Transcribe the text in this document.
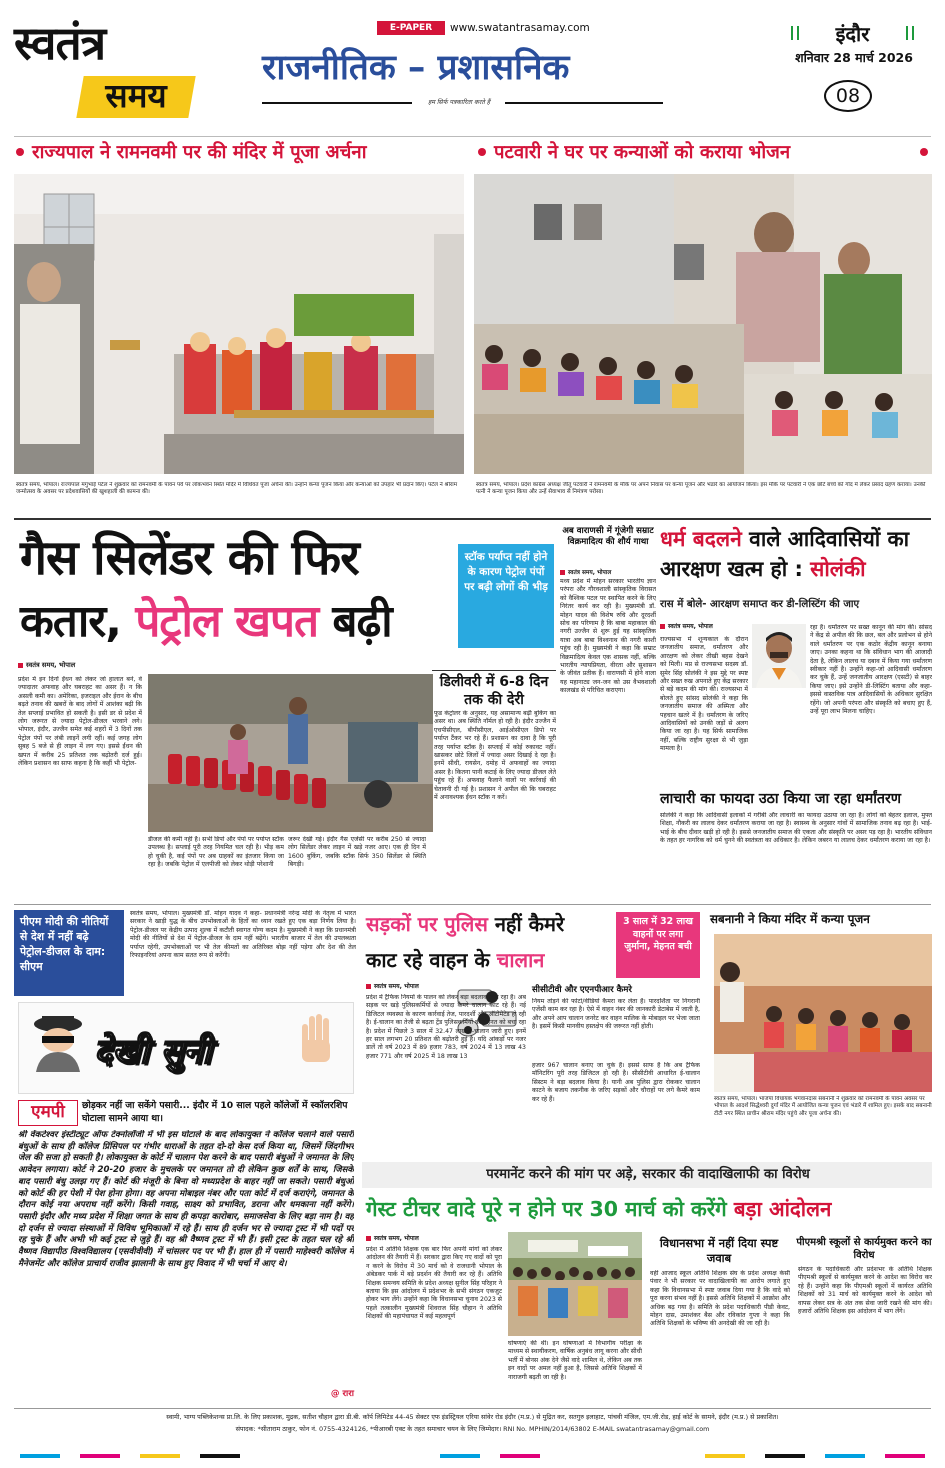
स्वतंत्र
समय
E-PAPER	www.swatantrasamay.com
राजनीतिक – प्रशासनिक
हम सिर्फ पत्रकारिता करते हैं
इंदौर
शनिवार 28 मार्च 2026
08
राज्यपाल ने रामनवमी पर की मंदिर में पूजा अर्चना
स्वतंत्र समय, भोपाल। राज्यपाल मंगुभाई पटेल ने शुक्रवार को रामनवमी के पावन पर्व पर लोकभवन स्थित मंदिर में विधिवत पूजा अर्चना की। उन्होंने कन्या पूजन किया और कन्याओं को उपहार भी प्रदान किए। पटेल ने श्रीराम जन्मोत्सव के अवसर पर प्रदेशवासियों की खुशहाली की कामना की।
पटवारी ने घर पर कन्याओं को कराया भोजन
स्वतंत्र समय, भोपाल। प्रदेश कांग्रेस अध्यक्ष जीतू पटवारी ने रामनवमी के मौके पर अपने निवास पर कन्या पूजन और भंडारे का आयोजन किया। इस मौके पर पटवारी ने एक छोटे बच्चे को गोद में लेकर प्रसाद ग्रहण कराया। उनकी पत्नी ने कन्या पूजन किया और उन्हें सेवाभाव से निमंत्रण परोसा।
गैस सिलेंडर की फिर
कतार, पेट्रोल खपत बढ़ी
स्टॉक पर्याप्त नहीं होने के कारण पेट्रोल पंपों पर बढ़ी लोगों की भीड़
स्वतंत्र समय, भोपाल
प्रदेश में इन दिनों ईंधन को लेकर जो हालात बने, वे ज्यादातर अफवाह और घबराहट का असर हैं। न कि असली कमी का। अमेरिका, इजराइल और ईरान के बीच बढ़ते तनाव की खबरों के बाद लोगों में आशंका बढ़ी कि तेल सप्लाई प्रभावित हो सकती है। इसी डर से प्रदेश में लोग जरूरत से ज्यादा पेट्रोल-डीजल भरवाने लगे। भोपाल, इंदौर, उज्जैन समेत कई शहरों में 3 दिनों तक पेट्रोल पंपों पर लंबी लाइनें लगी रहीं। कई जगह लोग सुबह 5 बजे से ही लाइन में लग गए। इससे ईंधन की खपत में करीब 25 प्रतिशत तक बढ़ोतरी दर्ज हुई। लेकिन प्रशासन का साफ कहना है कि कहीं भी पेट्रोल-
डीजल की कमी नहीं है। सभी डिपो और पंपों पर पर्याप्त स्टॉक उपलब्ध है। सप्लाई पूरी तरह नियमित चल रही है। भीड़ कम हो चुकी है, कई पंपों पर अब ग्राहकों का इंतजार किया जा रहा है। जबकि पेट्रोल में एलपीजी को लेकर थोड़ी परेशानी
जरूर देखी गई। इंदौर गैस एजेंसी पर करीब 250 से ज्यादा लोग सिलेंडर लेकर लाइन में खड़े नजर आए। एक ही दिन में 1600 बुकिंग, जबकि स्टॉक सिर्फ 350 सिलेंडर से स्थिति बिगड़ी।
डिलीवरी में 6-8 दिन तक की देरी
फूड कंट्रोलर के अनुसार, यह असामान्य बढ़ी बुकिंग का असर था। अब स्थिति नॉर्मल हो रही है। इंदौर उज्जैन में एचपीसीएल, बीपीसीएल, आईओसीएल डिपो पर पर्याप्त टैंकर भर रहे हैं। प्रशासन का दावा है कि पूरी तरह पर्याप्त स्टॉक है। सप्लाई में कोई रुकावट नहीं। खासकर छोटे जिलों में ज्यादा असर दिखाई दे रहा है। इनमें सीधी, रायसेन, दमोह में अफवाहों का ज्यादा असर है। कितना पानी कटाई के लिए ज्यादा डीजल लेते पहुंच रहे हैं। अफवाह फैलाने वालों पर कार्रवाई की चेतावनी दी गई है। प्रशासन ने अपील की कि घबराहट में अनावश्यक ईंधन स्टॉक न करें।
अब वाराणसी में गूंजेगी सम्राट विक्रमादित्य की शौर्य गाथा
स्वतंत्र समय, भोपाल
मध्य प्रदेश में मोहन सरकार भारतीय ज्ञान परंपरा और गौरवशाली सांस्कृतिक विरासत को वैश्विक पटल पर स्थापित करने के लिए निरंतर कार्य कर रही है। मुख्यमंत्री डॉ. मोहन यादव की विशेष रुचि और दूरदर्शी सोच का परिणाम है कि बाबा महाकाल की नगरी उज्जैन से शुरू हुई यह सांस्कृतिक यात्रा अब बाबा विश्वनाथ की नगरी काशी पहुंच रही है। मुख्यमंत्री ने कहा कि सम्राट विक्रमादित्य केवल एक शासक नहीं, बल्कि भारतीय न्यायप्रियता, वीरता और सुशासन के जीवंत प्रतीक हैं। वाराणसी में होने वाला यह महानाट्य जन-जन को उस वैभवशाली कालखंड से परिचित कराएगा।
धर्म बदलने वाले आदिवासियों का आरक्षण खत्म हो : सोलंकी
रास में बोले- आरक्षण समाप्त कर डी-लिस्टिंग की जाए
स्वतंत्र समय, भोपाल
राज्यसभा में शून्यकाल के दौरान जनजातीय समाज, धर्मांतरण और आरक्षण को लेकर तीखी बहस देखने को मिली। मप्र से राज्यसभा सदस्य डॉ. सुमेर सिंह सोलंकी ने इस मुद्दे पर स्पष्ट और सख्त रुख अपनाते हुए केंद्र सरकार से बड़े कदम की मांग की। राज्यसभा में बोलते हुए सांसद सोलंकी ने कहा कि जनजातीय समाज की अस्मिता और पहचान खतरे में है। धर्मांतरण के जरिए आदिवासियों को उनकी जड़ों से अलग किया जा रहा है। यह सिर्फ सामाजिक नहीं, बल्कि राष्ट्रीय सुरक्षा से भी जुड़ा मामला है।
रहा है। धर्मांतरण पर सख्त कानून की मांग की। सांसद ने केंद्र से अपील की कि छल, बल और प्रलोभन से होने वाले धर्मांतरण पर एक कठोर केंद्रीय कानून बनाया जाए। उनका कहना था कि संविधान भाग की आजादी देता है, लेकिन लालच या दबाव में किया गया धर्मांतरण स्वीकार नहीं है। उन्होंने कहा-जो आदिवासी धर्मांतरण कर चुके हैं, उन्हें जनजातीय आरक्षण (एसटी) से बाहर किया जाए। इसे उन्होंने डी-लिस्टिंग बताया और कहा-इससे वास्तविक पात्र आदिवासियों के अधिकार सुरक्षित रहेंगे। जो अपनी परंपरा और संस्कृति को बचाए हुए हैं, उन्हें पूरा लाभ मिलना चाहिए।
लाचारी का फायदा उठा किया जा रहा धर्मांतरण
सोलंकी ने कहा कि आदिवासी इलाकों में गरीबी और लाचारी का फायदा उठाया जा रहा है। लोगों को बेहतर इलाज, मुफ्त शिक्षा, नौकरी का लालच देकर धर्मांतरण कराया जा रहा है। स्वास्थ्य के अनुसार गांवों में सामाजिक तनाव बढ़ रहा है। भाई-भाई के बीच दीवार खड़ी हो रही है। इससे जनजातीय समाज की एकता और संस्कृति पर असर पड़ रहा है। भारतीय संविधान के तहत हर नागरिक को धर्म चुनने की स्वतंत्रता का अधिकार है। लेकिन जबरन या लालच देकर धर्मांतरण कराया जा रहा है।
पीएम मोदी की नीतियों से देश में नहीं बढ़े पेट्रोल-डीजल के दाम: सीएम
स्वतंत्र समय, भोपाल। मुख्यमंत्री डॉ. मोहन यादव ने कहा- प्रधानमंत्री नरेन्द्र मोदी के नेतृत्व में भारत सरकार ने खाड़ी युद्ध के बीच उपभोक्ताओं के हितों का ध्यान रखते हुए एक बड़ा निर्णय लिया है। पेट्रोल-डीजल पर केंद्रीय उत्पाद शुल्क में कटौती स्वागत योग्य कदम है। मुख्यमंत्री ने कहा कि प्रधानमंत्री मोदी की नीतियों से देश में पेट्रोल-डीजल के दाम नहीं बढ़ेंगे। भारतीय बाजार में तेल की उपलब्धता पर्याप्त रहेगी, उपभोक्ताओं पर भी तेल कीमतों का अतिरिक्त बोझ नहीं पड़ेगा और देश की तेल रिफाइनरियां अपना काम सतत रूप से करेंगी।
देखी सुनी
एमपी	छोड़कर नहीं जा सकेंगे पसारी... इंदौर में 10 साल पहले कॉलेजों में स्कॉलरशिप घोटाला सामने आया था।
श्री वेंकटेश्वर इंस्टीट्यूट ऑफ टेक्नोलॉजी में भी इस घोटाले के बाद लोकायुक्त ने कॉलेज चलाने वाले पसारी बंधुओं के साथ ही कॉलेज प्रिंसिपल पर गंभीर धाराओं के तहत दो-दो केस दर्ज किया था, जिसमें जिंदगीभर जेल की सजा हो सकती है। लोकायुक्त के कोर्ट में चालान पेश करने के बाद पसारी बंधुओं ने जमानत के लिए आवेदन लगाया। कोर्ट ने 20-20 हजार के मुचलके पर जमानत तो दी लेकिन कुछ शर्तें के साथ, जिसके बाद पसारी बंधु उलझ गए हैं। कोर्ट की मंजूरी के बिना वो मध्यप्रदेश के बाहर नहीं जा सकते। पसारी बंधुओं को कोर्ट की हर पेशी में पेश होना होगा। वह अपना मोबाइल नंबर और पता कोर्ट में दर्ज कराएंगे, जमानत के दौरान कोई नया अपराध नहीं करेंगे। किसी गवाह, साक्ष्य को प्रभावित, डराना और धमकाना नहीं करेंगे। पसारी इंदौर और मध्य प्रदेश में शिक्षा जगत के साथ ही कपड़ा कारोबार, समाजसेवा के लिए बड़ा नाम है। वह दो दर्जन से ज्यादा संस्थाओं में विविध भूमिकाओं में रहे हैं। साथ ही दर्जन भर से ज्यादा ट्रस्ट में भी पदों पर रह चुके हैं और अभी भी कई ट्रस्ट से जुड़े हैं। वह श्री वैष्णव ट्रस्ट में भी हैं। इसी ट्रस्ट के तहत चल रहे श्री वैष्णव विद्यापीठ विश्वविद्यालय (एसवीवीवी) में चांसलर पद पर भी हैं। हाल ही में पसारी माहेश्वरी कॉलेज में मैनेजमेंट और कॉलेज प्राचार्य राजीव झालानी के साथ हुए विवाद में भी चर्चा में आए थे।
@ रारा
सड़कों पर पुलिस नहीं कैमरे
काट रहे वाहन के चालान
3 साल में 32 लाख वाहनों पर लगा जुर्माना, मेहनत बची
स्वतंत्र समय, भोपाल
प्रदेश में ट्रैफिक नियमों के पालन को लेकर बड़ा बदलाव दिख रहा है। अब सड़क पर खड़े पुलिसकर्मियों से ज्यादा कैमरे चालान काट रहे हैं। नई डिजिटल व्यवस्था के कारण कार्रवाई तेज, पारदर्शी और ऑटोमेटेड हो रही है। ई-चालान का तेजी से बढ़ता ट्रेंड पुलिसकर्मियों की मेहनत को बचा रहा है। प्रदेश में पिछले 3 साल में 32.47 लाख ई-चालान जारी हुए। इनमें हर साल लगभग 20 प्रतिशत की बढ़ोतरी हुई है। यदि आंकड़ों पर नजर डालें तो वर्ष 2023 में 89 हजार 783, वर्ष 2024 में 13 लाख 43 हजार 771 और वर्ष 2025 में 18 लाख 13
सीसीटीवी और एएनपीआर कैमरे
नियम तोड़ने की फोटो/वीडियो कैमरा कर लेता है। पारदर्शिता पर निगरानी एजेंसी काम कर रहा है। ऐसे में वाहन नंबर की जानकारी डेटाबेस में जाती है, और अपने आप चालान जनरेट कर वाहन मालिक के मोबाइल पर भेजा जाता है। इसमें किसी मानवीय हस्तक्षेप की जरूरत नहीं होती।
हजार 967 चालान बनाए जा चुके हैं। इससे साफ है कि अब ट्रैफिक मॉनिटरिंग पूरी तरह डिजिटल हो रही है। सीसीटीवी आधारित ई-चालान सिस्टम ने बड़ा बदलाव किया है। यानी अब पुलिस द्वारा रोककर चालान काटने के बजाय तकनीक के जरिए सड़कों और चौराहों पर लगे कैमरे काम कर रहे हैं।
सबनानी ने किया मंदिर में कन्या पूजन
स्वतंत्र समय, भोपाल। भाजपा विधायक भगवानदास सबनानी ने शुक्रवार को रामनवमी के पावन अवसर पर भोपाल के आदर्श सिद्धेश्वरी दुर्गा मंदिर में आयोजित कन्या पूजन एवं भंडारे में शामिल हुए। इसके बाद सबनानी टीटी नगर स्थित प्राचीन श्रीराम मंदिर पहुंचे और पूजा अर्चना की।
परमानेंट करने की मांग पर अड़े, सरकार की वादाखिलाफी का विरोध
गेस्ट टीचर वादे पूरे न होने पर 30 मार्च को करेंगे बड़ा आंदोलन
स्वतंत्र समय, भोपाल
प्रदेश में अतिथि शिक्षक एक बार फिर अपनी मांगों को लेकर आंदोलन की तैयारी में हैं। सरकार द्वारा किए गए वादों को पूरा न करने के विरोध में 30 मार्च को वे राजधानी भोपाल के अंबेडकर पार्क में बड़े प्रदर्शन की तैयारी कर रहे हैं। अतिथि शिक्षक समन्वय समिति के प्रदेश अध्यक्ष सुनील सिंह परिहार ने बताया कि इस आंदोलन में प्रदेशभर के सभी संगठन एकजुट होकर भाग लेंगे। उन्होंने कहा कि विधानसभा चुनाव 2023 से पहले तत्कालीन मुख्यमंत्री शिवराज सिंह चौहान ने अतिथि शिक्षकों की महापंचायत में कई महत्वपूर्ण
घोषणाएं की थीं। इन घोषणाओं में विभागीय परीक्षा के माध्यम से स्थायीकरण, वार्षिक अनुबंध लागू करना और सीधी भर्ती में बोनस अंक देने जैसे वादे शामिल थे, लेकिन अब तक इन वादों पर अमल नहीं हुआ है, जिससे अतिथि शिक्षकों में नाराजगी बढ़ती जा रही है।
विधानसभा में नहीं दिया स्पष्ट जवाब
वहीं आजाद स्कूल अतिथि शिक्षक संघ के प्रदेश अध्यक्ष केसी पंवार ने भी सरकार पर वादाखिलाफी का आरोप लगाते हुए कहा कि विधानसभा में स्पष्ट जवाब दिया गया है कि वादे को पूरा करना संभव नहीं है। इससे अतिथि शिक्षकों में आक्रोश और अधिक बढ़ गया है। समिति के प्रदेश पदाधिकारी पीडी केवट, मोहन दास, उमाशंकर बैस और रविकांत गुप्ता ने कहा कि अतिथि शिक्षकों के भविष्य की अनदेखी की जा रही है।
पीएमश्री स्कूलों से कार्यमुक्त करने का विरोध
संगठन के पदाधिकारी और प्रदेशभर के अतिथि शिक्षक पीएमश्री स्कूलों से कार्यमुक्त करने के आदेश का विरोध कर रहे हैं। उन्होंने कहा कि पीएमश्री स्कूलों में कार्यरत अतिथि शिक्षकों को 31 मार्च को कार्यमुक्त करने के आदेश को वापस लेकर सत्र के अंत तक सेवा जारी रखने की मांग की। हजारों अतिथि शिक्षक इस आंदोलन में भाग लेंगे।
स्वामी, भाग्य पब्लिकेशन्स प्रा.लि. के लिए प्रकाशक, मुद्रक, सतीश चौहान द्वारा डी.बी. कॉर्प लिमिटेड 44-45 सेक्टर एफ इंडस्ट्रियल एरिया सांवेर रोड इंदौर (म.प्र.) से मुद्रित कर, सतगुरु इलाहाट, पांचवी मंजिल, एम.जी.रोड, हाई कोर्ट के सामने, इंदौर (म.प्र.) से प्रकाशित।
संपादक: *सीताराम ठाकुर, फोन नं. 0755-4324126, *पीआरबी एक्ट के तहत समाचार चयन के लिए जिम्मेदार। RNI No. MPHIN/2014/63802 E-MAIL swatantrasamay@gmail.com
